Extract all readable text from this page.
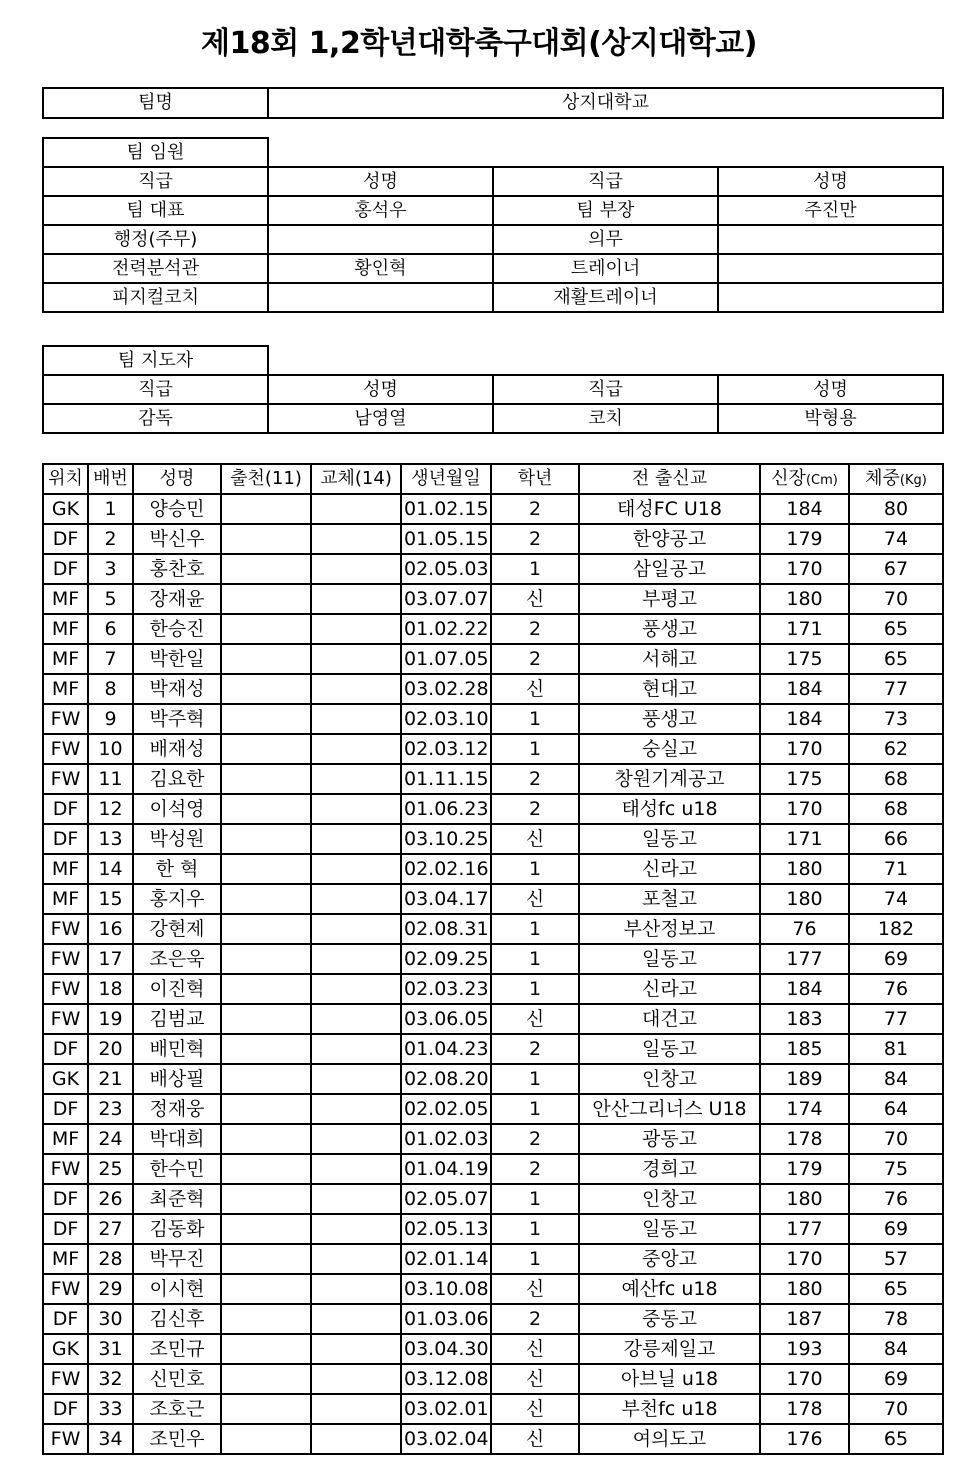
제18회 1,2학년대학축구대회(상지대학교)
팀명	상지대학교
팀 임원			
직급	성명	직급	성명
팀 대표	홍석우	팀 부장	주진만
행정(주무)		의무	
전력분석관	황인혁	트레이너	
피지컬코치		재활트레이너	
팀 지도자			
직급	성명	직급	성명
감독	남영열	코치	박형용
위치	배번	성명	출천(11)	교체(14)	생년월일	학년	전 출신교	신장(Cm)	체중(Kg)
GK	1	양승민			01.02.15	2	태성FC U18	184	80
DF	2	박신우			01.05.15	2	한양공고	179	74
DF	3	홍찬호			02.05.03	1	삼일공고	170	67
MF	5	장재윤			03.07.07	신	부평고	180	70
MF	6	한승진			01.02.22	2	풍생고	171	65
MF	7	박한일			01.07.05	2	서해고	175	65
MF	8	박재성			03.02.28	신	현대고	184	77
FW	9	박주혁			02.03.10	1	풍생고	184	73
FW	10	배재성			02.03.12	1	숭실고	170	62
FW	11	김요한			01.11.15	2	창원기계공고	175	68
DF	12	이석영			01.06.23	2	태성fc u18	170	68
DF	13	박성원			03.10.25	신	일동고	171	66
MF	14	한 혁			02.02.16	1	신라고	180	71
MF	15	홍지우			03.04.17	신	포철고	180	74
FW	16	강현제			02.08.31	1	부산정보고	76	182
FW	17	조은욱			02.09.25	1	일동고	177	69
FW	18	이진혁			02.03.23	1	신라고	184	76
FW	19	김범교			03.06.05	신	대건고	183	77
DF	20	배민혁			01.04.23	2	일동고	185	81
GK	21	배상필			02.08.20	1	인창고	189	84
DF	23	정재웅			02.02.05	1	안산그리너스 U18	174	64
MF	24	박대희			01.02.03	2	광동고	178	70
FW	25	한수민			01.04.19	2	경희고	179	75
DF	26	최준혁			02.05.07	1	인창고	180	76
DF	27	김동화			02.05.13	1	일동고	177	69
MF	28	박무진			02.01.14	1	중앙고	170	57
FW	29	이시현			03.10.08	신	예산fc u18	180	65
DF	30	김신후			01.03.06	2	중동고	187	78
GK	31	조민규			03.04.30	신	강릉제일고	193	84
FW	32	신민호			03.12.08	신	아브닐 u18	170	69
DF	33	조호근			03.02.01	신	부천fc u18	178	70
FW	34	조민우			03.02.04	신	여의도고	176	65
